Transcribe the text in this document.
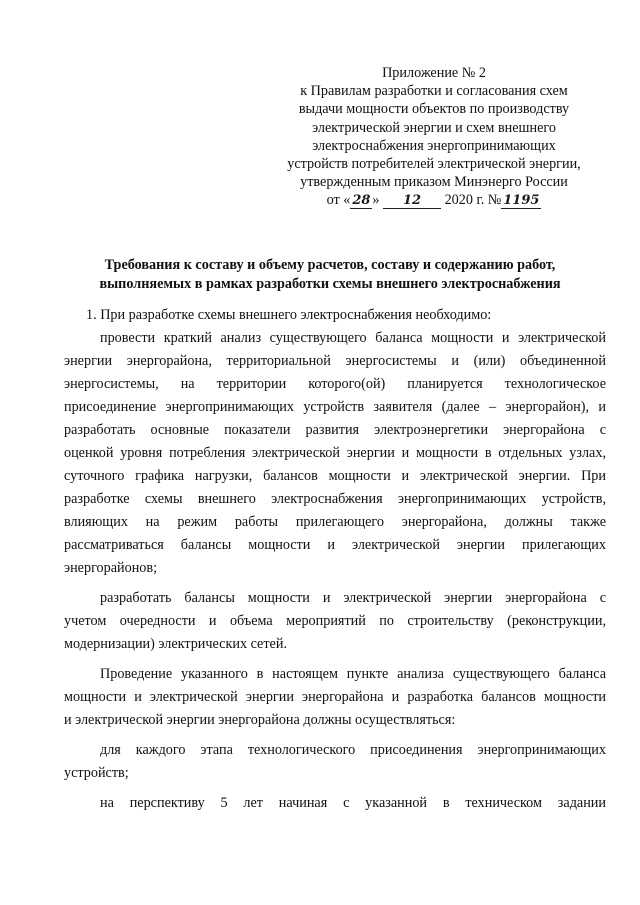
Приложение № 2
к Правилам разработки и согласования схем
выдачи мощности объектов по производству
электрической энергии и схем внешнего
электроснабжения энергопринимающих
устройств потребителей электрической энергии,
утвержденным приказом Минэнерго России
от « 28 » 12 2020 г. № 1195
Требования к составу и объему расчетов, составу и содержанию работ,
выполняемых в рамках разработки схемы внешнего электроснабжения
1. При разработке схемы внешнего электроснабжения необходимо:
провести краткий анализ существующего баланса мощности и электрической
энергии энергорайона, территориальной энергосистемы и (или) объединенной
энергосистемы, на территории которого(ой) планируется технологическое
присоединение энергопринимающих устройств заявителя (далее – энергорайон), и
разработать основные показатели развития электроэнергетики энергорайона с
оценкой уровня потребления электрической энергии и мощности в отдельных узлах,
суточного графика нагрузки, балансов мощности и электрической энергии. При
разработке схемы внешнего электроснабжения энергопринимающих устройств,
влияющих на режим работы прилегающего энергорайона, должны также
рассматриваться балансы мощности и электрической энергии прилегающих
энергорайонов;
разработать балансы мощности и электрической энергии энергорайона с
учетом очередности и объема мероприятий по строительству (реконструкции,
модернизации) электрических сетей.
Проведение указанного в настоящем пункте анализа существующего баланса
мощности и электрической энергии энергорайона и разработка балансов мощности
и электрической энергии энергорайона должны осуществляться:
для каждого этапа технологического присоединения энергопринимающих
устройств;
на перспективу 5 лет начиная с указанной в техническом задании
